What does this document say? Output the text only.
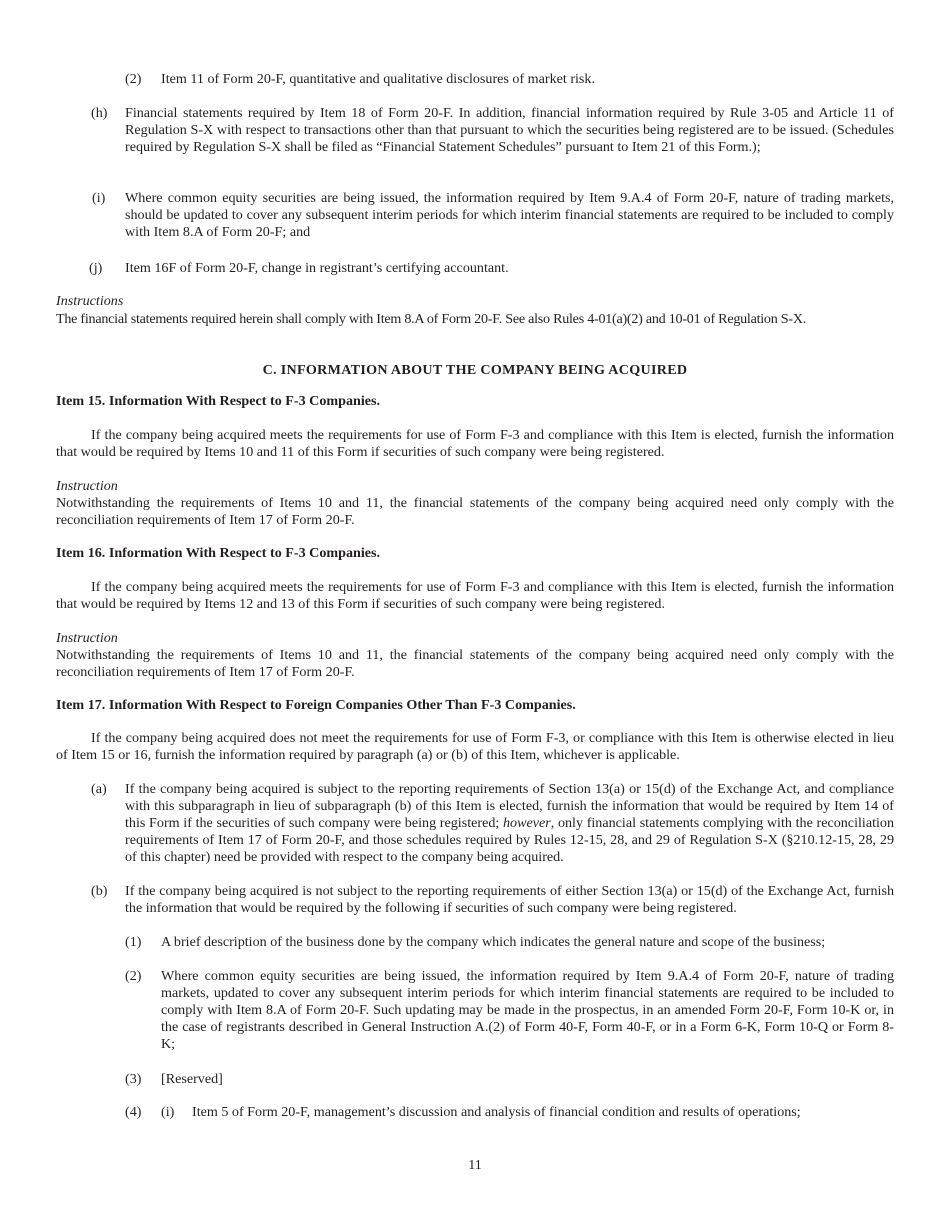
(2) Item 11 of Form 20-F, quantitative and qualitative disclosures of market risk.
(h) Financial statements required by Item 18 of Form 20-F. In addition, financial information required by Rule 3-05 and Article 11 of Regulation S-X with respect to transactions other than that pursuant to which the securities being registered are to be issued. (Schedules required by Regulation S-X shall be filed as “Financial Statement Schedules” pursuant to Item 21 of this Form.);
(i) Where common equity securities are being issued, the information required by Item 9.A.4 of Form 20-F, nature of trading markets, should be updated to cover any subsequent interim periods for which interim financial statements are required to be included to comply with Item 8.A of Form 20-F; and
(j) Item 16F of Form 20-F, change in registrant’s certifying accountant.
Instructions
The financial statements required herein shall comply with Item 8.A of Form 20-F. See also Rules 4-01(a)(2) and 10-01 of Regulation S-X.
C. INFORMATION ABOUT THE COMPANY BEING ACQUIRED
Item 15. Information With Respect to F-3 Companies.
If the company being acquired meets the requirements for use of Form F-3 and compliance with this Item is elected, furnish the information that would be required by Items 10 and 11 of this Form if securities of such company were being registered.
Instruction
Notwithstanding the requirements of Items 10 and 11, the financial statements of the company being acquired need only comply with the reconciliation requirements of Item 17 of Form 20-F.
Item 16. Information With Respect to F-3 Companies.
If the company being acquired meets the requirements for use of Form F-3 and compliance with this Item is elected, furnish the information that would be required by Items 12 and 13 of this Form if securities of such company were being registered.
Instruction
Notwithstanding the requirements of Items 10 and 11, the financial statements of the company being acquired need only comply with the reconciliation requirements of Item 17 of Form 20-F.
Item 17. Information With Respect to Foreign Companies Other Than F-3 Companies.
If the company being acquired does not meet the requirements for use of Form F-3, or compliance with this Item is otherwise elected in lieu of Item 15 or 16, furnish the information required by paragraph (a) or (b) of this Item, whichever is applicable.
(a) If the company being acquired is subject to the reporting requirements of Section 13(a) or 15(d) of the Exchange Act, and compliance with this subparagraph in lieu of subparagraph (b) of this Item is elected, furnish the information that would be required by Item 14 of this Form if the securities of such company were being registered; however, only financial statements complying with the reconciliation requirements of Item 17 of Form 20-F, and those schedules required by Rules 12-15, 28, and 29 of Regulation S-X (§210.12-15, 28, 29 of this chapter) need be provided with respect to the company being acquired.
(b) If the company being acquired is not subject to the reporting requirements of either Section 13(a) or 15(d) of the Exchange Act, furnish the information that would be required by the following if securities of such company were being registered.
(1) A brief description of the business done by the company which indicates the general nature and scope of the business;
(2) Where common equity securities are being issued, the information required by Item 9.A.4 of Form 20-F, nature of trading markets, updated to cover any subsequent interim periods for which interim financial statements are required to be included to comply with Item 8.A of Form 20-F. Such updating may be made in the prospectus, in an amended Form 20-F, Form 10-K or, in the case of registrants described in General Instruction A.(2) of Form 40-F, Form 40-F, or in a Form 6-K, Form 10-Q or Form 8-K;
(3) [Reserved]
(4) (i) Item 5 of Form 20-F, management’s discussion and analysis of financial condition and results of operations;
11
